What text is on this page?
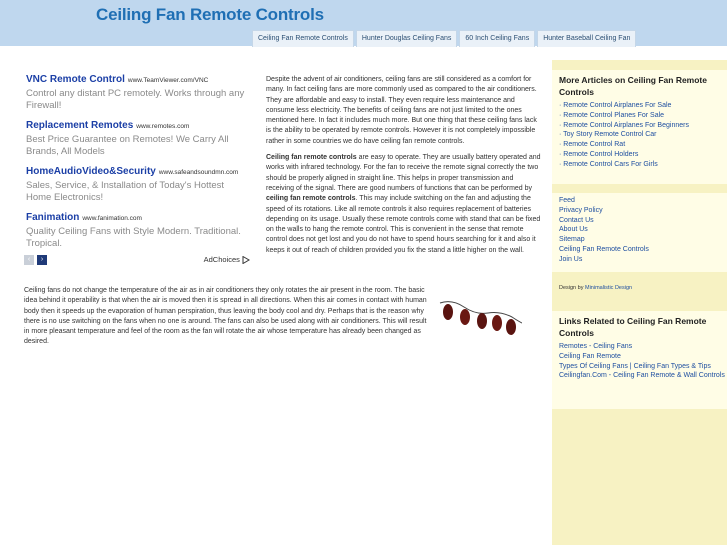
Ceiling Fan Remote Controls
Ceiling Fan Remote Controls	Hunter Douglas Ceiling Fans	60 Inch Ceiling Fans	Hunter Baseball Ceiling Fan
VNC Remote Control www.TeamViewer.com/VNC
Control any distant PC remotely. Works through any Firewall!
Replacement Remotes www.remotes.com
Best Price Guarantee on Remotes! We Carry All Brands, All Models
HomeAudioVideo&Security www.safeandsoundmn.com
Sales, Service, & Installation of Today's Hottest Home Electronics!
Fanimation www.fanimation.com
Quality Ceiling Fans with Style Modern. Traditional. Tropical.
‹	›	AdChoices

Despite the advent of air conditioners, ceiling fans are still considered as a comfort for many. In fact ceiling fans are more commonly used as compared to the air conditioners. They are affordable and easy to install. They even require less maintenance and consume less electricity. The benefits of ceiling fans are not just limited to the ones mentioned here. In fact it includes much more. But one thing that these ceiling fans lack is the ability to be operated by remote controls. However it is not completely impossible rather in some countries we do have ceiling fan remote controls.

Ceiling fan remote controls are easy to operate. They are usually battery operated and works with infrared technology. For the fan to receive the remote signal correctly the two should be properly aligned in straight line. This helps in proper transmission and receiving of the signal. There are good numbers of functions that can be performed by ceiling fan remote controls. This may include switching on the fan and adjusting the speed of its rotations. Like all remote controls it also requires replacement of batteries depending on its usage. Usually these remote controls come with stand that can be fixed on the walls to hang the remote control. This is convenient in the sense that remote control does not get lost and you do not have to spend hours searching for it and also it keeps it out of reach of children provided you fix the stand a little higher on the wall.

Ceiling fans do not change the temperature of the air as in air conditioners they only rotates the air present in the room. The basic idea behind it operability is that when the air is moved then it is spread in all directions. When this air comes in contact with human body then it speeds up the evaporation of human perspiration, thus leaving the body cool and dry. Perhaps that is the reason why there is no use switching on the fans when no one is around. The fans can also be used along with air conditioners. This will result in more pleasant temperature and feel of the room as the fan will rotate the air whose temperature has already been changed as desired.

More Articles on Ceiling Fan Remote Controls
· Remote Control Airplanes For Sale
· Remote Control Planes For Sale
· Remote Control Airplanes For Beginners
· Toy Story Remote Control Car
· Remote Control Rat
· Remote Control Holders
· Remote Control Cars For Girls
Feed
Privacy Policy
Contact Us
About Us
Sitemap
Ceiling Fan Remote Controls
Join Us
Design by Minimalistic Design
Links Related to Ceiling Fan Remote Controls
Remotes - Ceiling Fans
Ceiling Fan Remote
Types Of Ceiling Fans | Ceiling Fan Types & Tips
Ceilingfan.Com - Ceiling Fan Remote & Wall Controls
